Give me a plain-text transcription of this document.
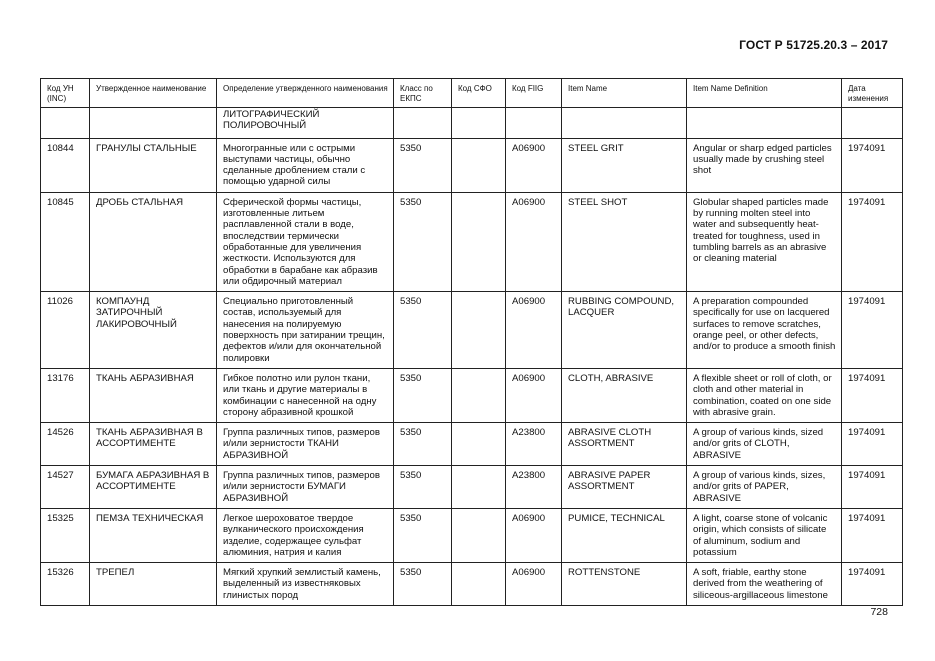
ГОСТ Р 51725.20.3 – 2017
Код УН (INC)	Утвержденное наименование	Определение утвержденного наименования	Класс по ЕКПС	Код СФО	Код FIIG	Item Name	Item Name Definition	Дата изменения
		ЛИТОГРАФИЧЕСКИЙ ПОЛИРОВОЧНЫЙ						
10844	ГРАНУЛЫ СТАЛЬНЫЕ	Многогранные или с острыми выступами частицы, обычно сделанные дроблением стали с помощью ударной силы	5350		A06900	STEEL GRIT	Angular or sharp edged particles usually made by crushing steel shot	1974091
10845	ДРОБЬ СТАЛЬНАЯ	Сферической формы частицы, изготовленные литьем расплавленной стали в воде, впоследствии термически обработанные для увеличения жесткости. Используются для обработки в барабане как абразив или обдирочный материал	5350		A06900	STEEL SHOT	Globular shaped particles made by running molten steel into water and subsequently heat-treated for toughness, used in tumbling barrels as an abrasive or cleaning material	1974091
11026	КОМПАУНД ЗАТИРОЧНЫЙ ЛАКИРОВОЧНЫЙ	Специально приготовленный состав, используемый для нанесения на полируемую поверхность при затирании трещин, дефектов и/или для окончательной полировки	5350		A06900	RUBBING COMPOUND, LACQUER	A preparation compounded specifically for use on lacquered surfaces to remove scratches, orange peel, or other defects, and/or to produce a smooth finish	1974091
13176	ТКАНЬ АБРАЗИВНАЯ	Гибкое полотно или рулон ткани, или ткань и другие материалы в комбинации с нанесенной на одну сторону абразивной крошкой	5350		A06900	CLOTH, ABRASIVE	A flexible sheet or roll of cloth, or cloth and other material in combination, coated on one side with abrasive grain.	1974091
14526	ТКАНЬ АБРАЗИВНАЯ В АССОРТИМЕНТЕ	Группа различных типов, размеров и/или зернистости ТКАНИ АБРАЗИВНОЙ	5350		A23800	ABRASIVE CLOTH ASSORTMENT	A group of various kinds, sized and/or grits of CLOTH, ABRASIVE	1974091
14527	БУМАГА АБРАЗИВНАЯ В АССОРТИМЕНТЕ	Группа различных типов, размеров и/или зернистости БУМАГИ АБРАЗИВНОЙ	5350		A23800	ABRASIVE PAPER ASSORTMENT	A group of various kinds, sizes, and/or grits of PAPER, ABRASIVE	1974091
15325	ПЕМЗА ТЕХНИЧЕСКАЯ	Легкое шероховатое твердое вулканического происхождения изделие, содержащее сульфат алюминия, натрия и калия	5350		A06900	PUMICE, TECHNICAL	A light, coarse stone of volcanic origin, which consists of silicate of aluminum, sodium and potassium	1974091
15326	ТРЕПЕЛ	Мягкий хрупкий землистый камень, выделенный из известняковых глинистых пород	5350		A06900	ROTTENSTONE	A soft, friable, earthy stone derived from the weathering of siliceous-argillaceous limestone	1974091
728
